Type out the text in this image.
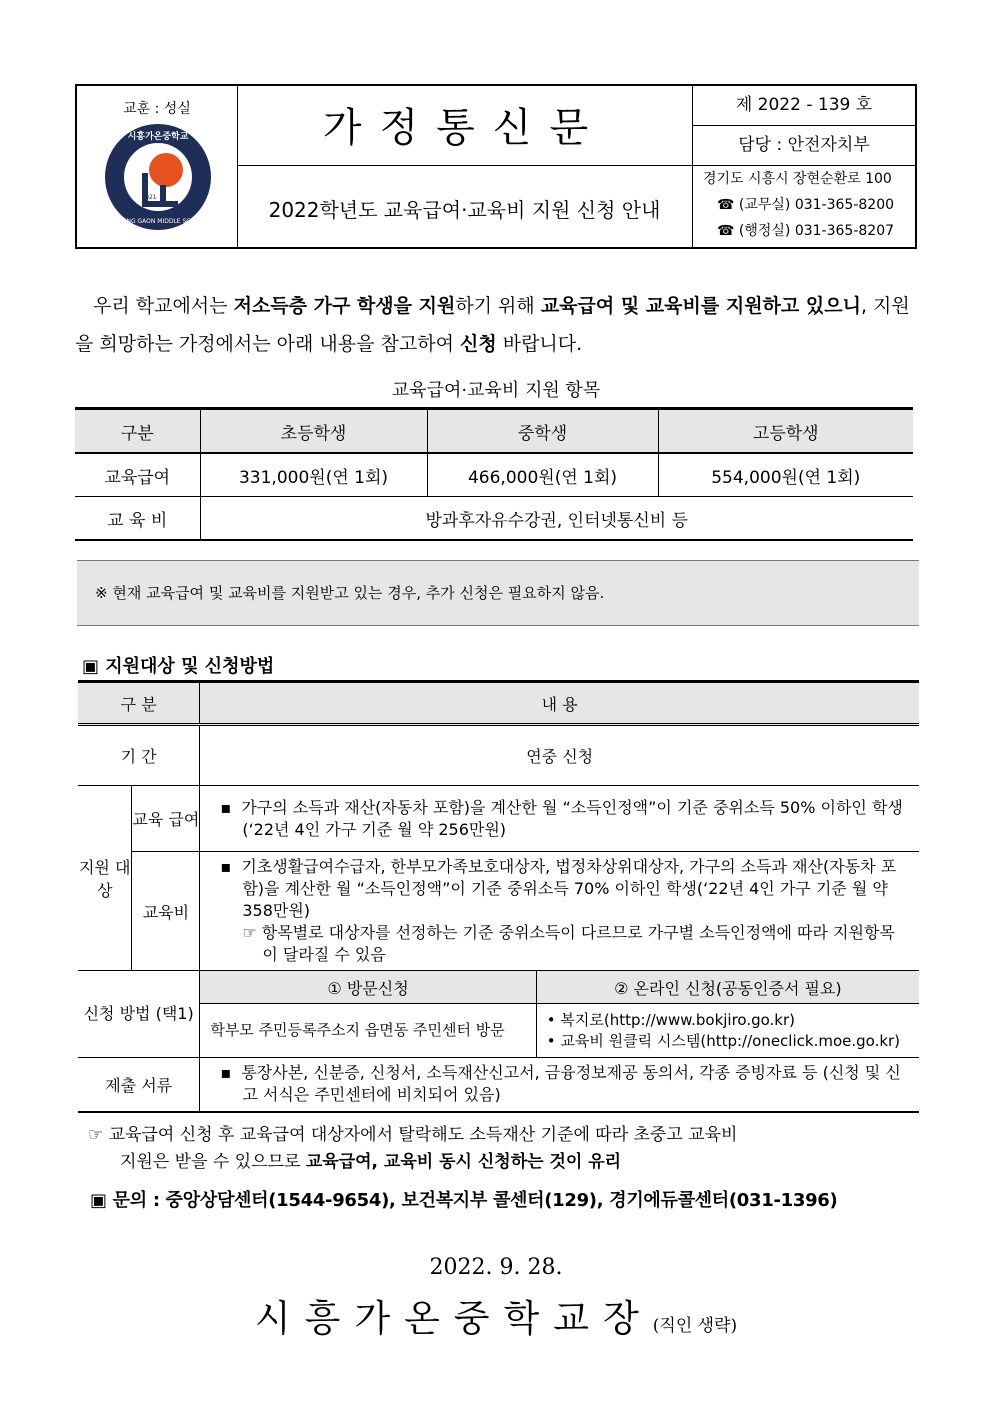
교훈 : 성실
시흥가온중학교
SIHEUNG GAON MIDDLE SCHOOL
2021
가정통신문
2022학년도 교육급여·교육비 지원 신청 안내
제 2022 - 139 호
담당 : 안전자치부
경기도 시흥시 장현순환로 100
☎ (교무실) 031-365-8200
☎ (행정실) 031-365-8207
우리 학교에서는 저소득층 가구 학생을 지원하기 위해 교육급여 및 교육비를 지원하고 있으니, 지원을 희망하는 가정에서는 아래 내용을 참고하여 신청 바랍니다.
교육급여·교육비 지원 항목
구분	초등학생	중학생	고등학생
교육급여	331,000원(연 1회)	466,000원(연 1회)	554,000원(연 1회)
교 육 비	방과후자유수강권, 인터넷통신비 등		
※ 현재 교육급여 및 교육비를 지원받고 있는 경우, 추가 신청은 필요하지 않음.
▣ 지원대상 및 신청방법
구 분		내 용	
기 간		연중 신청	
지원 대상	교육 급여	▪  가구의 소득과 재산(자동차 포함)을 계산한 월 “소득인정액”이 기준 중위소득 50% 이하인 학생(‘22년 4인 가구 기준 월 약 256만원)	

	교육비	▪  기초생활급여수급자, 한부모가족보호대상자, 법정차상위대상자, 가구의 소득과 재산(자동차 포함)을 계산한 월 “소득인정액”이 기준 중위소득 70% 이하인 학생(‘22년 4인 가구 기준 월 약 358만원)
☞ 항목별로 대상자를 선정하는 기준 중위소득이 다르므로 가구별 소득인정액에 따라 지원항목이 달라질 수 있음	

신청 방법 (택1)		① 방문신청	② 온라인 신청(공동인증서 필요)
		학부모 주민등록주소지 읍면동 주민센터 방문	• 복지로(http://www.bokjiro.go.kr)
• 교육비 원클릭 시스템(http://oneclick.moe.go.kr)

제출 서류		▪  통장사본, 신분증, 신청서, 소득재산신고서, 금융정보제공 동의서, 각종 증빙자료 등 (신청 및 신고 서식은 주민센터에 비치되어 있음)	
☞ 교육급여 신청 후 교육급여 대상자에서 탈락해도 소득재산 기준에 따라 초중고 교육비
지원은 받을 수 있으므로 교육급여, 교육비 동시 신청하는 것이 유리
▣ 문의 : 중앙상담센터(1544-9654), 보건복지부 콜센터(129), 경기에듀콜센터(031-1396)
2022. 9. 28.
시흥가온중학교장(직인 생략)
